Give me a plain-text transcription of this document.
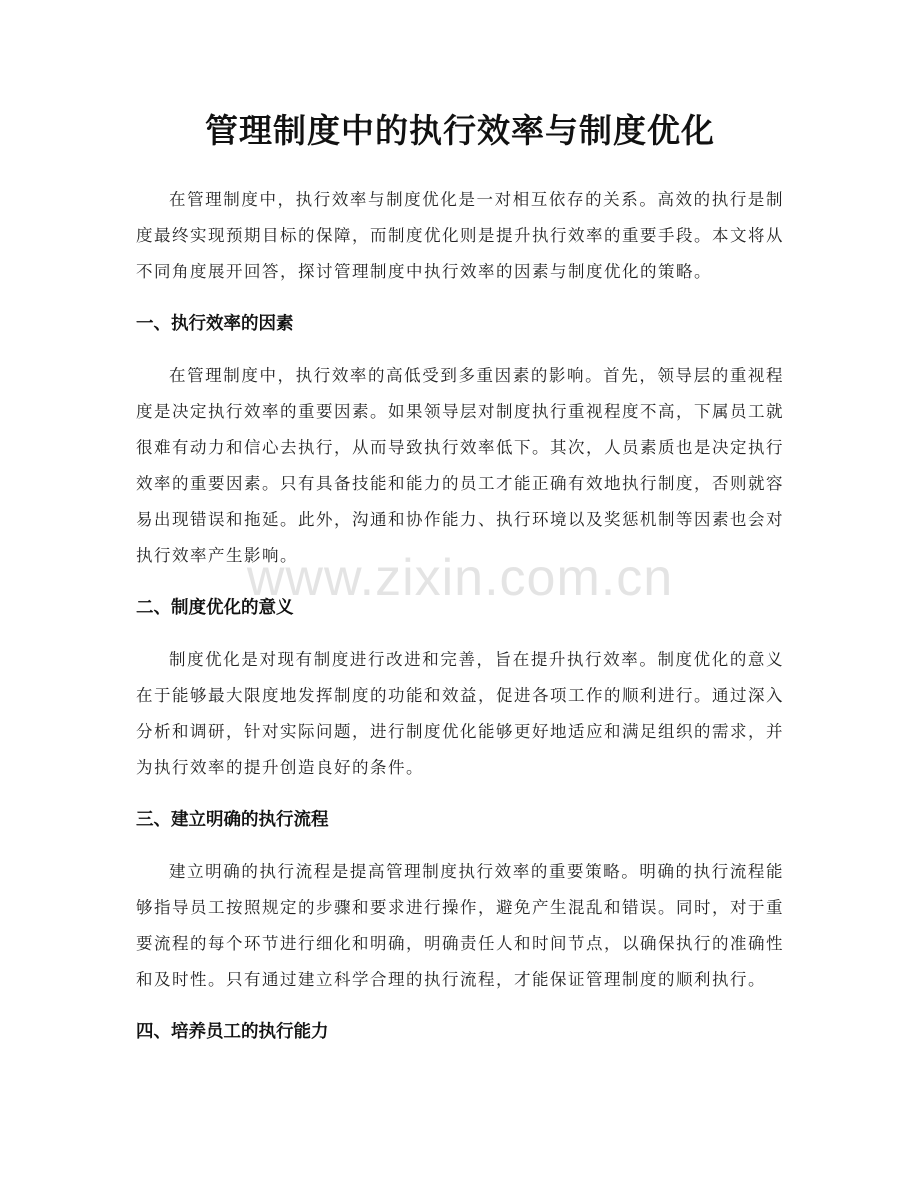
管理制度中的执行效率与制度优化

在管理制度中，执行效率与制度优化是一对相互依存的关系。高效的执行是制度最终实现预期目标的保障，而制度优化则是提升执行效率的重要手段。本文将从不同角度展开回答，探讨管理制度中执行效率的因素与制度优化的策略。

一、执行效率的因素

在管理制度中，执行效率的高低受到多重因素的影响。首先，领导层的重视程度是决定执行效率的重要因素。如果领导层对制度执行重视程度不高，下属员工就很难有动力和信心去执行，从而导致执行效率低下。其次，人员素质也是决定执行效率的重要因素。只有具备技能和能力的员工才能正确有效地执行制度，否则就容易出现错误和拖延。此外，沟通和协作能力、执行环境以及奖惩机制等因素也会对执行效率产生影响。

二、制度优化的意义

制度优化是对现有制度进行改进和完善，旨在提升执行效率。制度优化的意义在于能够最大限度地发挥制度的功能和效益，促进各项工作的顺利进行。通过深入分析和调研，针对实际问题，进行制度优化能够更好地适应和满足组织的需求，并为执行效率的提升创造良好的条件。

三、建立明确的执行流程

建立明确的执行流程是提高管理制度执行效率的重要策略。明确的执行流程能够指导员工按照规定的步骤和要求进行操作，避免产生混乱和错误。同时，对于重要流程的每个环节进行细化和明确，明确责任人和时间节点，以确保执行的准确性和及时性。只有通过建立科学合理的执行流程，才能保证管理制度的顺利执行。

四、培养员工的执行能力
www.zixin.com.cn
